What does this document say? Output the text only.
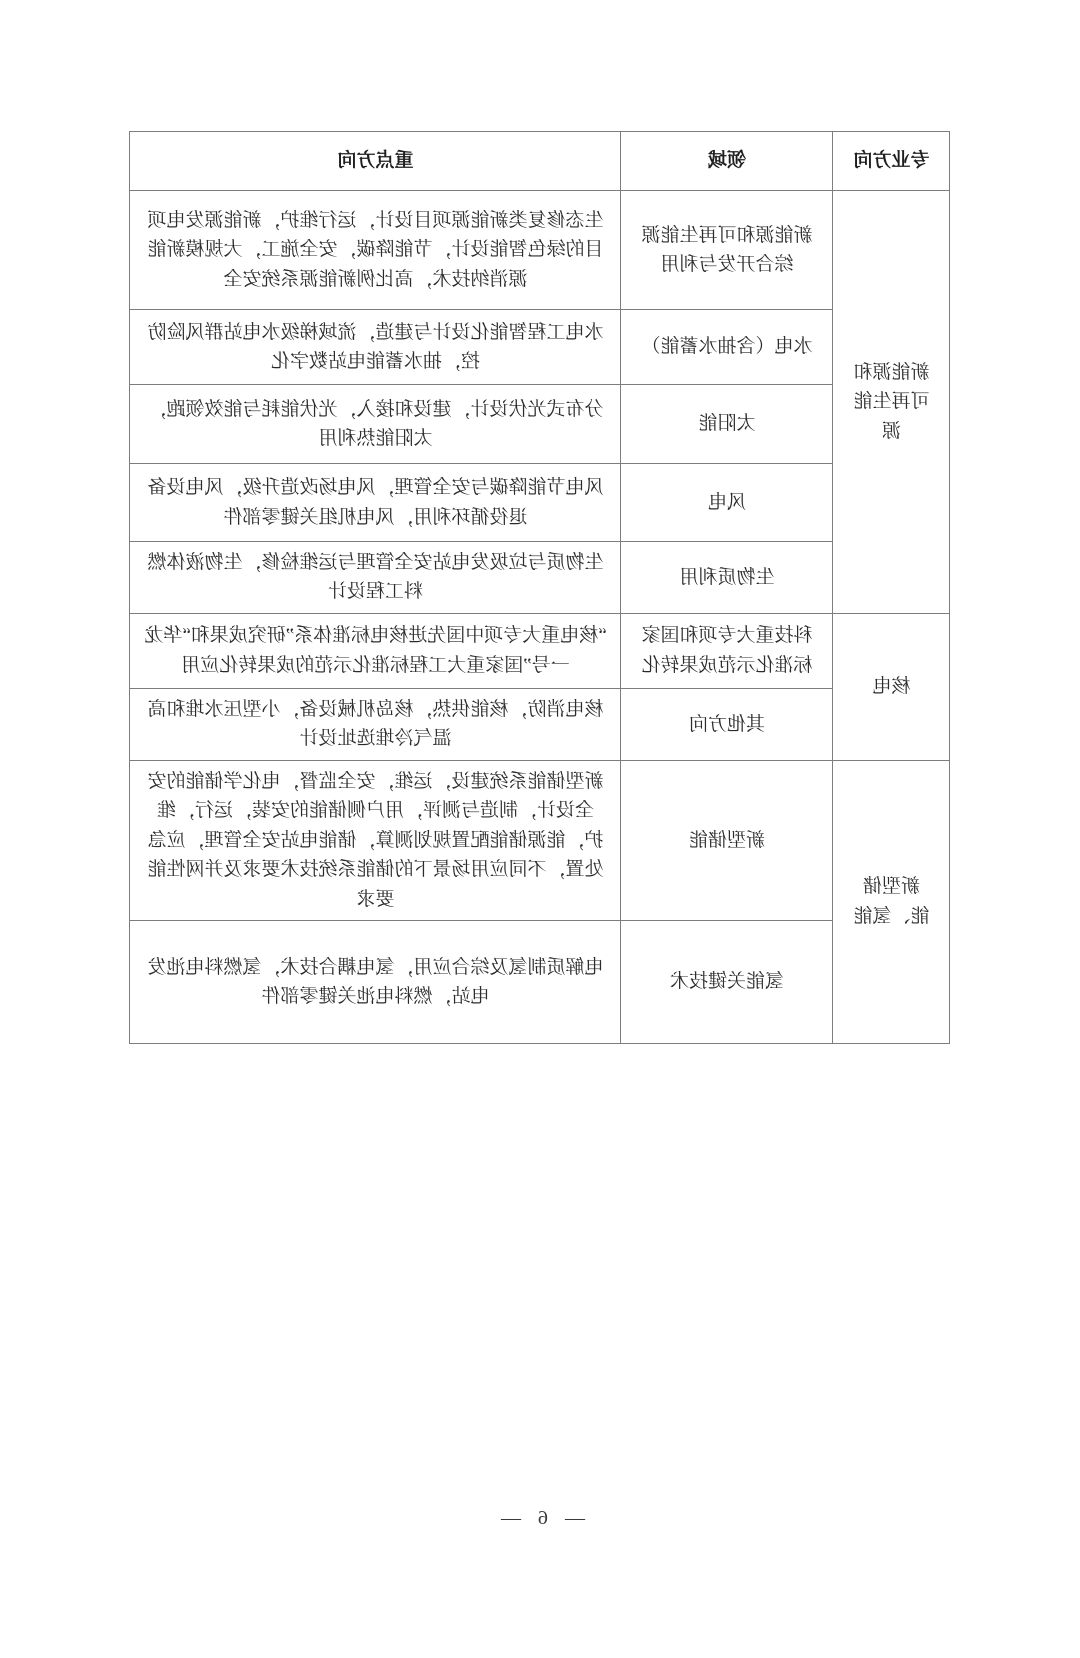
专业方向	领域	重点方向
新能源和可再生能源	新能源和可再生能源综合开发与利用	生态修复类新能源项目设计，运行维护，新能源发电项目的绿色智能设计，节能降碳，安全施工，大规模新能源消纳技术，高比例新能源系统安全
	水电（含抽水蓄能）	水电工程智能化设计与建造，流域梯级水电站群风险防控，抽水蓄能电站数字化
	太阳能	分布式光伏设计，建设和接入，光伏能耗与能效领跑，太阳能热利用
	风电	风电节能降碳与安全管理，风电场改造升级，风电设备退役循环利用，风电机组关键零部件
	生物质利用	生物质与垃圾发电站安全管理与运维检修，生物液体燃料工程设计
核电	科技重大专项和国家标准化示范成果转化	“核电重大专项中国先进核电标准体系”研究成果和“华龙一号”国家重大工程标准化示范的成果转化应用
	其他方向	核电消防，核能供热，核岛机械设备，小型压水堆和高温气冷堆选址设计
新型储能、氢能	新型储能	新型储能系统建设，运维，安全监督，电化学储能的安全设计，制造与测评，用户侧储能的安装，运行，维护，能源储能配置规划测算，储能电站安全管理，应急处置，不同应用场景下的储能系统技术要求及并网性能要求
	氢能关键技术	电解质制氢及综合应用，氢电耦合技术，氢燃料电池发电站，燃料电池关键零部件
— 6 —
